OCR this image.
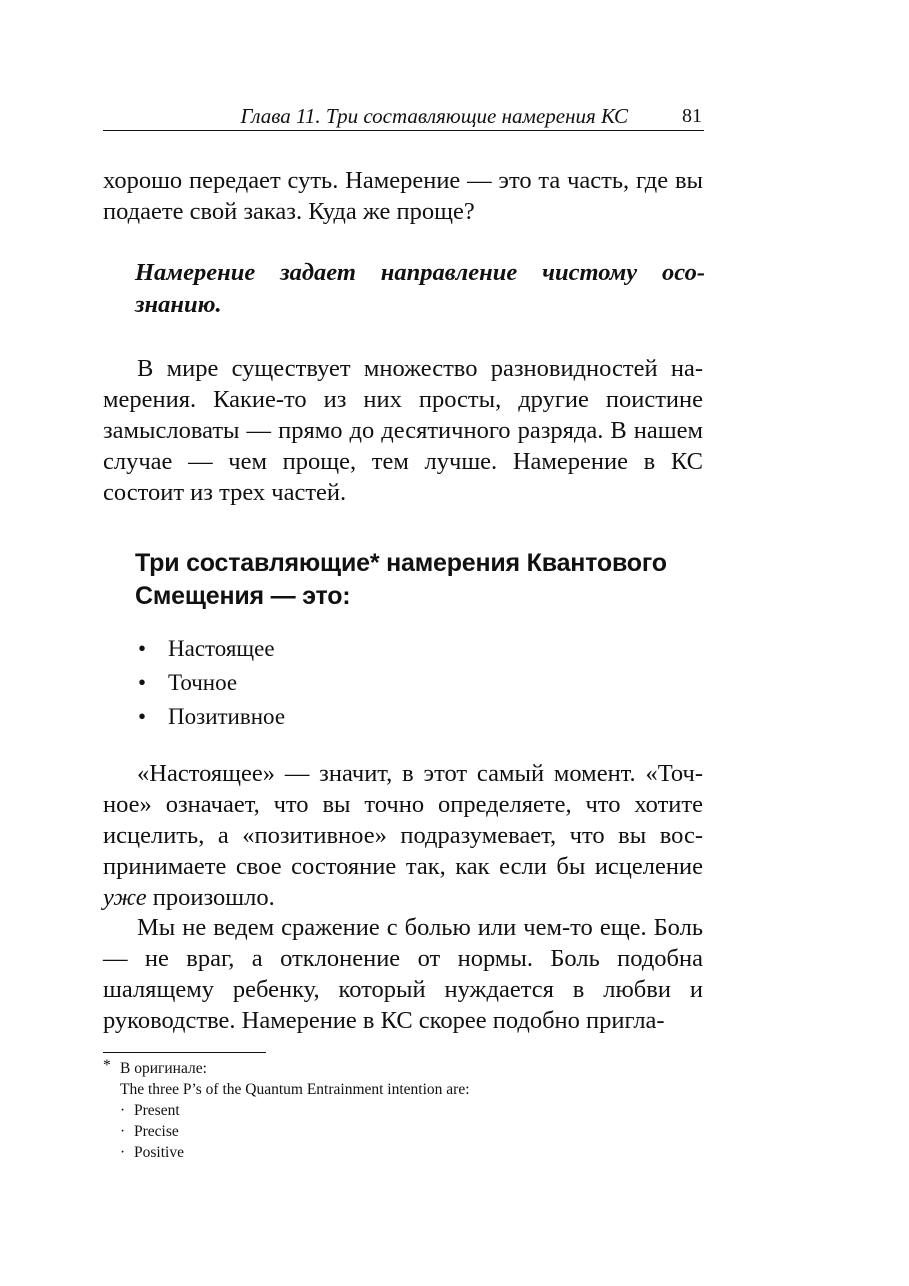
Глава 11. Три составляющие намерения КС	81

хорошо передает суть. Намерение — это та часть, где вы подаете свой заказ. Куда же проще?

Намерение задает направление чистому осознанию.

В мире существует множество разновидностей намерения. Какие-то из них просты, другие поистине замысловаты — прямо до десятичного разряда. В нашем случае — чем проще, тем лучше. Намерение в КС состоит из трех частей.

Три составляющие* намерения Квантового Смещения — это:
• Настоящее
• Точное
• Позитивное

«Настоящее» — значит, в этот самый момент. «Точное» означает, что вы точно определяете, что хотите исцелить, а «позитивное» подразумевает, что вы воспринимаете свое состояние так, как если бы исцеление уже произошло.

Мы не ведем сражение с болью или чем-то еще. Боль — не враг, а отклонение от нормы. Боль подобна шалящему ребенку, который нуждается в любви и руководстве. Намерение в КС скорее подобно пригла-

* В оригинале:
The three P’s of the Quantum Entrainment intention are:
· Present
· Precise
· Positive
